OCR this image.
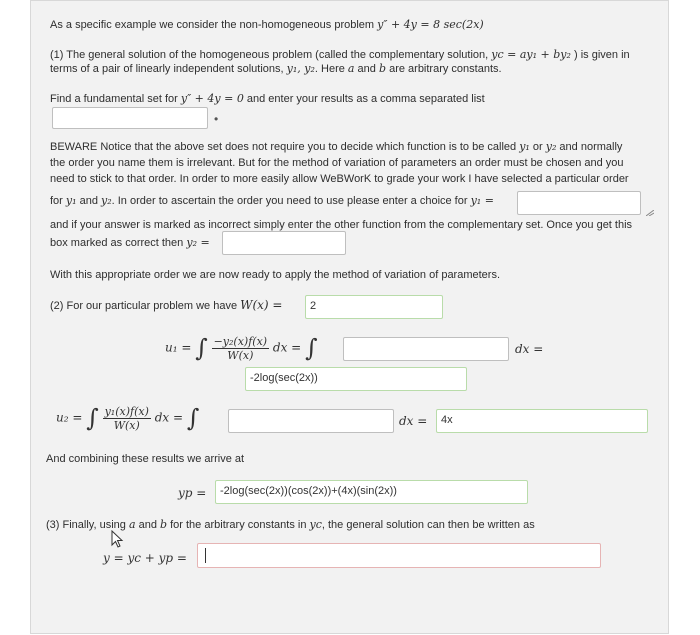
As a specific example we consider the non-homogeneous problem y″ + 4y = 8 sec(2x)
(1) The general solution of the homogeneous problem (called the complementary solution, yc = ay₁ + by₂ ) is given in
terms of a pair of linearly independent solutions, y₁, y₂. Here a and b are arbitrary constants.
Find a fundamental set for y″ + 4y = 0 and enter your results as a comma separated list
•
BEWARE Notice that the above set does not require you to decide which function is to be called y₁ or y₂ and normally
the order you name them is irrelevant. But for the method of variation of parameters an order must be chosen and you
need to stick to that order. In order to more easily allow WeBWorK to grade your work I have selected a particular order
for y₁ and y₂. In order to ascertain the order you need to use please enter a choice for y₁ =
and if your answer is marked as incorrect simply enter the other function from the complementary set. Once you get this
box marked as correct then y₂ =
With this appropriate order we are now ready to apply the method of variation of parameters.
(2) For our particular problem we have W(x) =	2
u₁ = ∫ $\frac{\text{−y₂(x)f(x)}}{W(x)}$ dx = ∫	dx =
-2log(sec(2x))
u₂ = ∫ $\frac{\text{y₁(x)f(x)}}{W(x)}$ dx = ∫	dx =	4x
And combining these results we arrive at
yp =	-2log(sec(2x))(cos(2x))+(4x)(sin(2x))
(3) Finally, using a and b for the arbitrary constants in yc, the general solution can then be written as
y = yc + yp =
